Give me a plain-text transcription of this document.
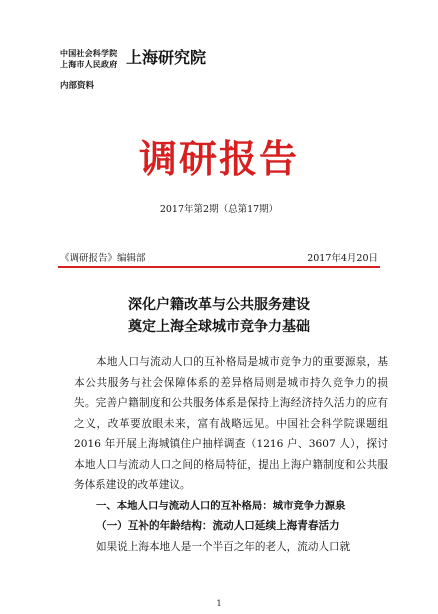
中国社会科学院
上海市人民政府 上海研究院
内部资料
调研报告
2017年第2期（总第17期）
《调研报告》编辑部	2017年4月20日
深化户籍改革与公共服务建设
奠定上海全球城市竞争力基础

本地人口与流动人口的互补格局是城市竞争力的重要源泉，基本公共服务与社会保障体系的差异格局则是城市持久竞争力的损失。完善户籍制度和公共服务体系是保持上海经济持久活力的应有之义，改革要放眼未来，富有战略远见。中国社会科学院课题组 2016 年开展上海城镇住户抽样调查（1216 户、3607 人），探讨本地人口与流动人口之间的格局特征，提出上海户籍制度和公共服务体系建设的改革建议。

一、本地人口与流动人口的互补格局：城市竞争力源泉

（一）互补的年龄结构：流动人口延续上海青春活力

如果说上海本地人是一个半百之年的老人，流动人口就

1
